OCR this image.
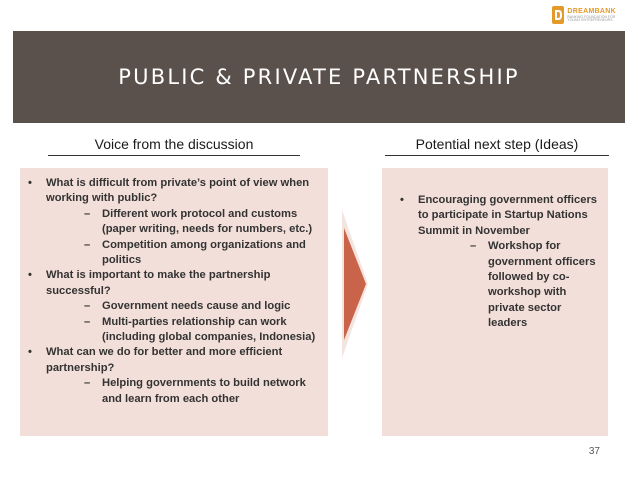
DREAMBANK
BANKING FOUNDATION FOR
YOUNG ENTREPRENEURS
PUBLIC & PRIVATE PARTNERSHIP
Voice from the discussion	Potential next step (Ideas)
• What is difficult from private’s point of view when working with public?
– Different work protocol and customs (paper writing, needs for numbers, etc.)
– Competition among organizations and politics
• What is important to make the partnership successful?
– Government needs cause and logic
– Multi-parties relationship can work (including global companies, Indonesia)
• What can we do for better and more efficient partnership?
– Helping governments to build network and learn from each other
• Encouraging government officers to participate in Startup Nations Summit in November
– Workshop for government officers followed by co-workshop with private sector leaders
37
